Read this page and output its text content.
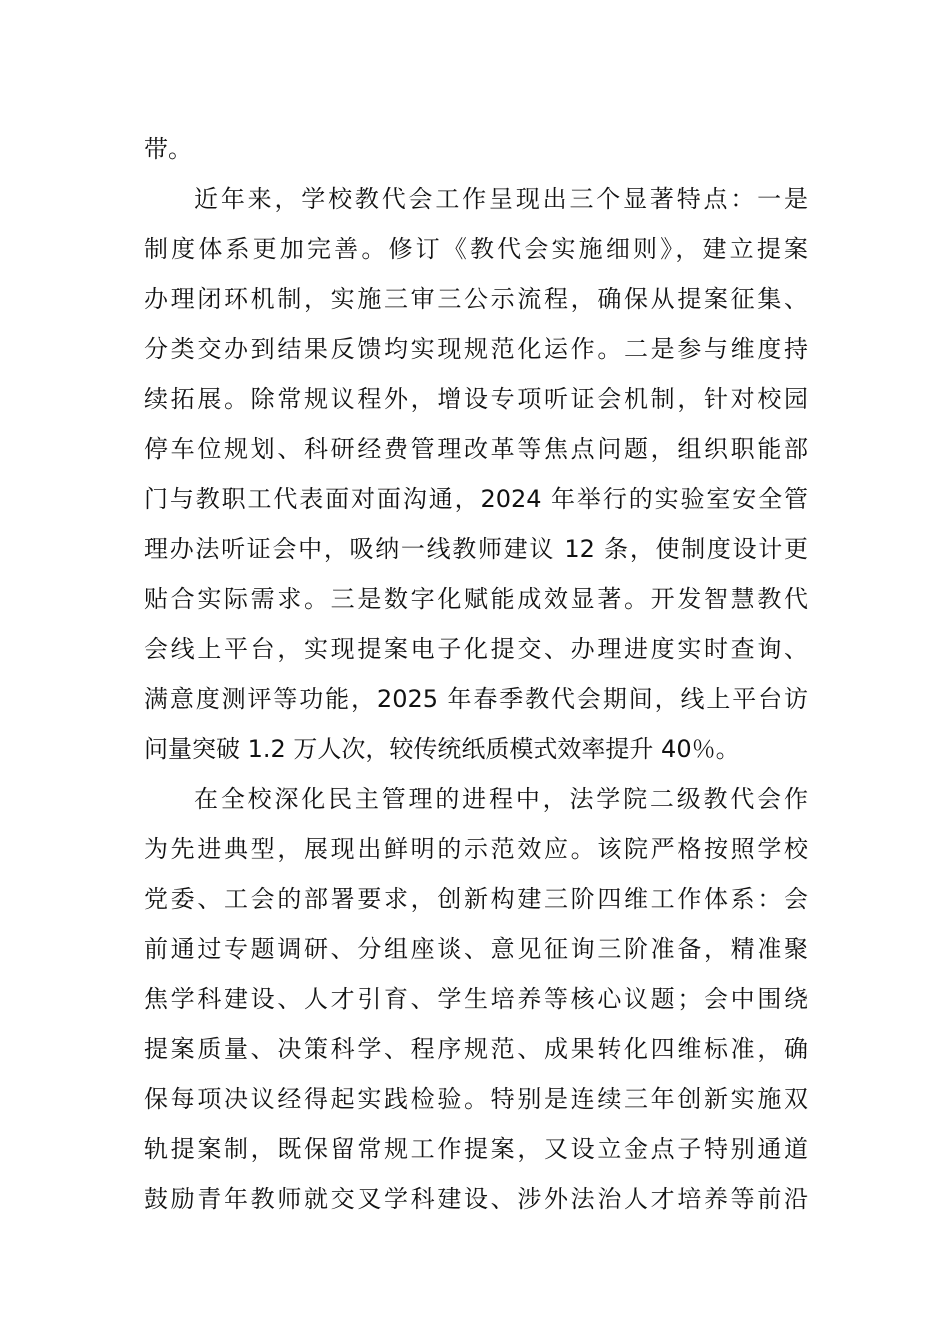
带。
近年来，学校教代会工作呈现出三个显著特点：一是
制度体系更加完善。修订《教代会实施细则》，建立提案
办理闭环机制，实施三审三公示流程，确保从提案征集、
分类交办到结果反馈均实现规范化运作。二是参与维度持
续拓展。除常规议程外，增设专项听证会机制，针对校园
停车位规划、科研经费管理改革等焦点问题，组织职能部
门与教职工代表面对面沟通，2024 年举行的实验室安全管
理办法听证会中，吸纳一线教师建议 12 条，使制度设计更
贴合实际需求。三是数字化赋能成效显著。开发智慧教代
会线上平台，实现提案电子化提交、办理进度实时查询、
满意度测评等功能，2025 年春季教代会期间，线上平台访
问量突破 1.2 万人次，较传统纸质模式效率提升 40％。
在全校深化民主管理的进程中，法学院二级教代会作
为先进典型，展现出鲜明的示范效应。该院严格按照学校
党委、工会的部署要求，创新构建三阶四维工作体系：会
前通过专题调研、分组座谈、意见征询三阶准备，精准聚
焦学科建设、人才引育、学生培养等核心议题；会中围绕
提案质量、决策科学、程序规范、成果转化四维标准，确
保每项决议经得起实践检验。特别是连续三年创新实施双
轨提案制，既保留常规工作提案，又设立金点子特别通道
鼓励青年教师就交叉学科建设、涉外法治人才培养等前沿
